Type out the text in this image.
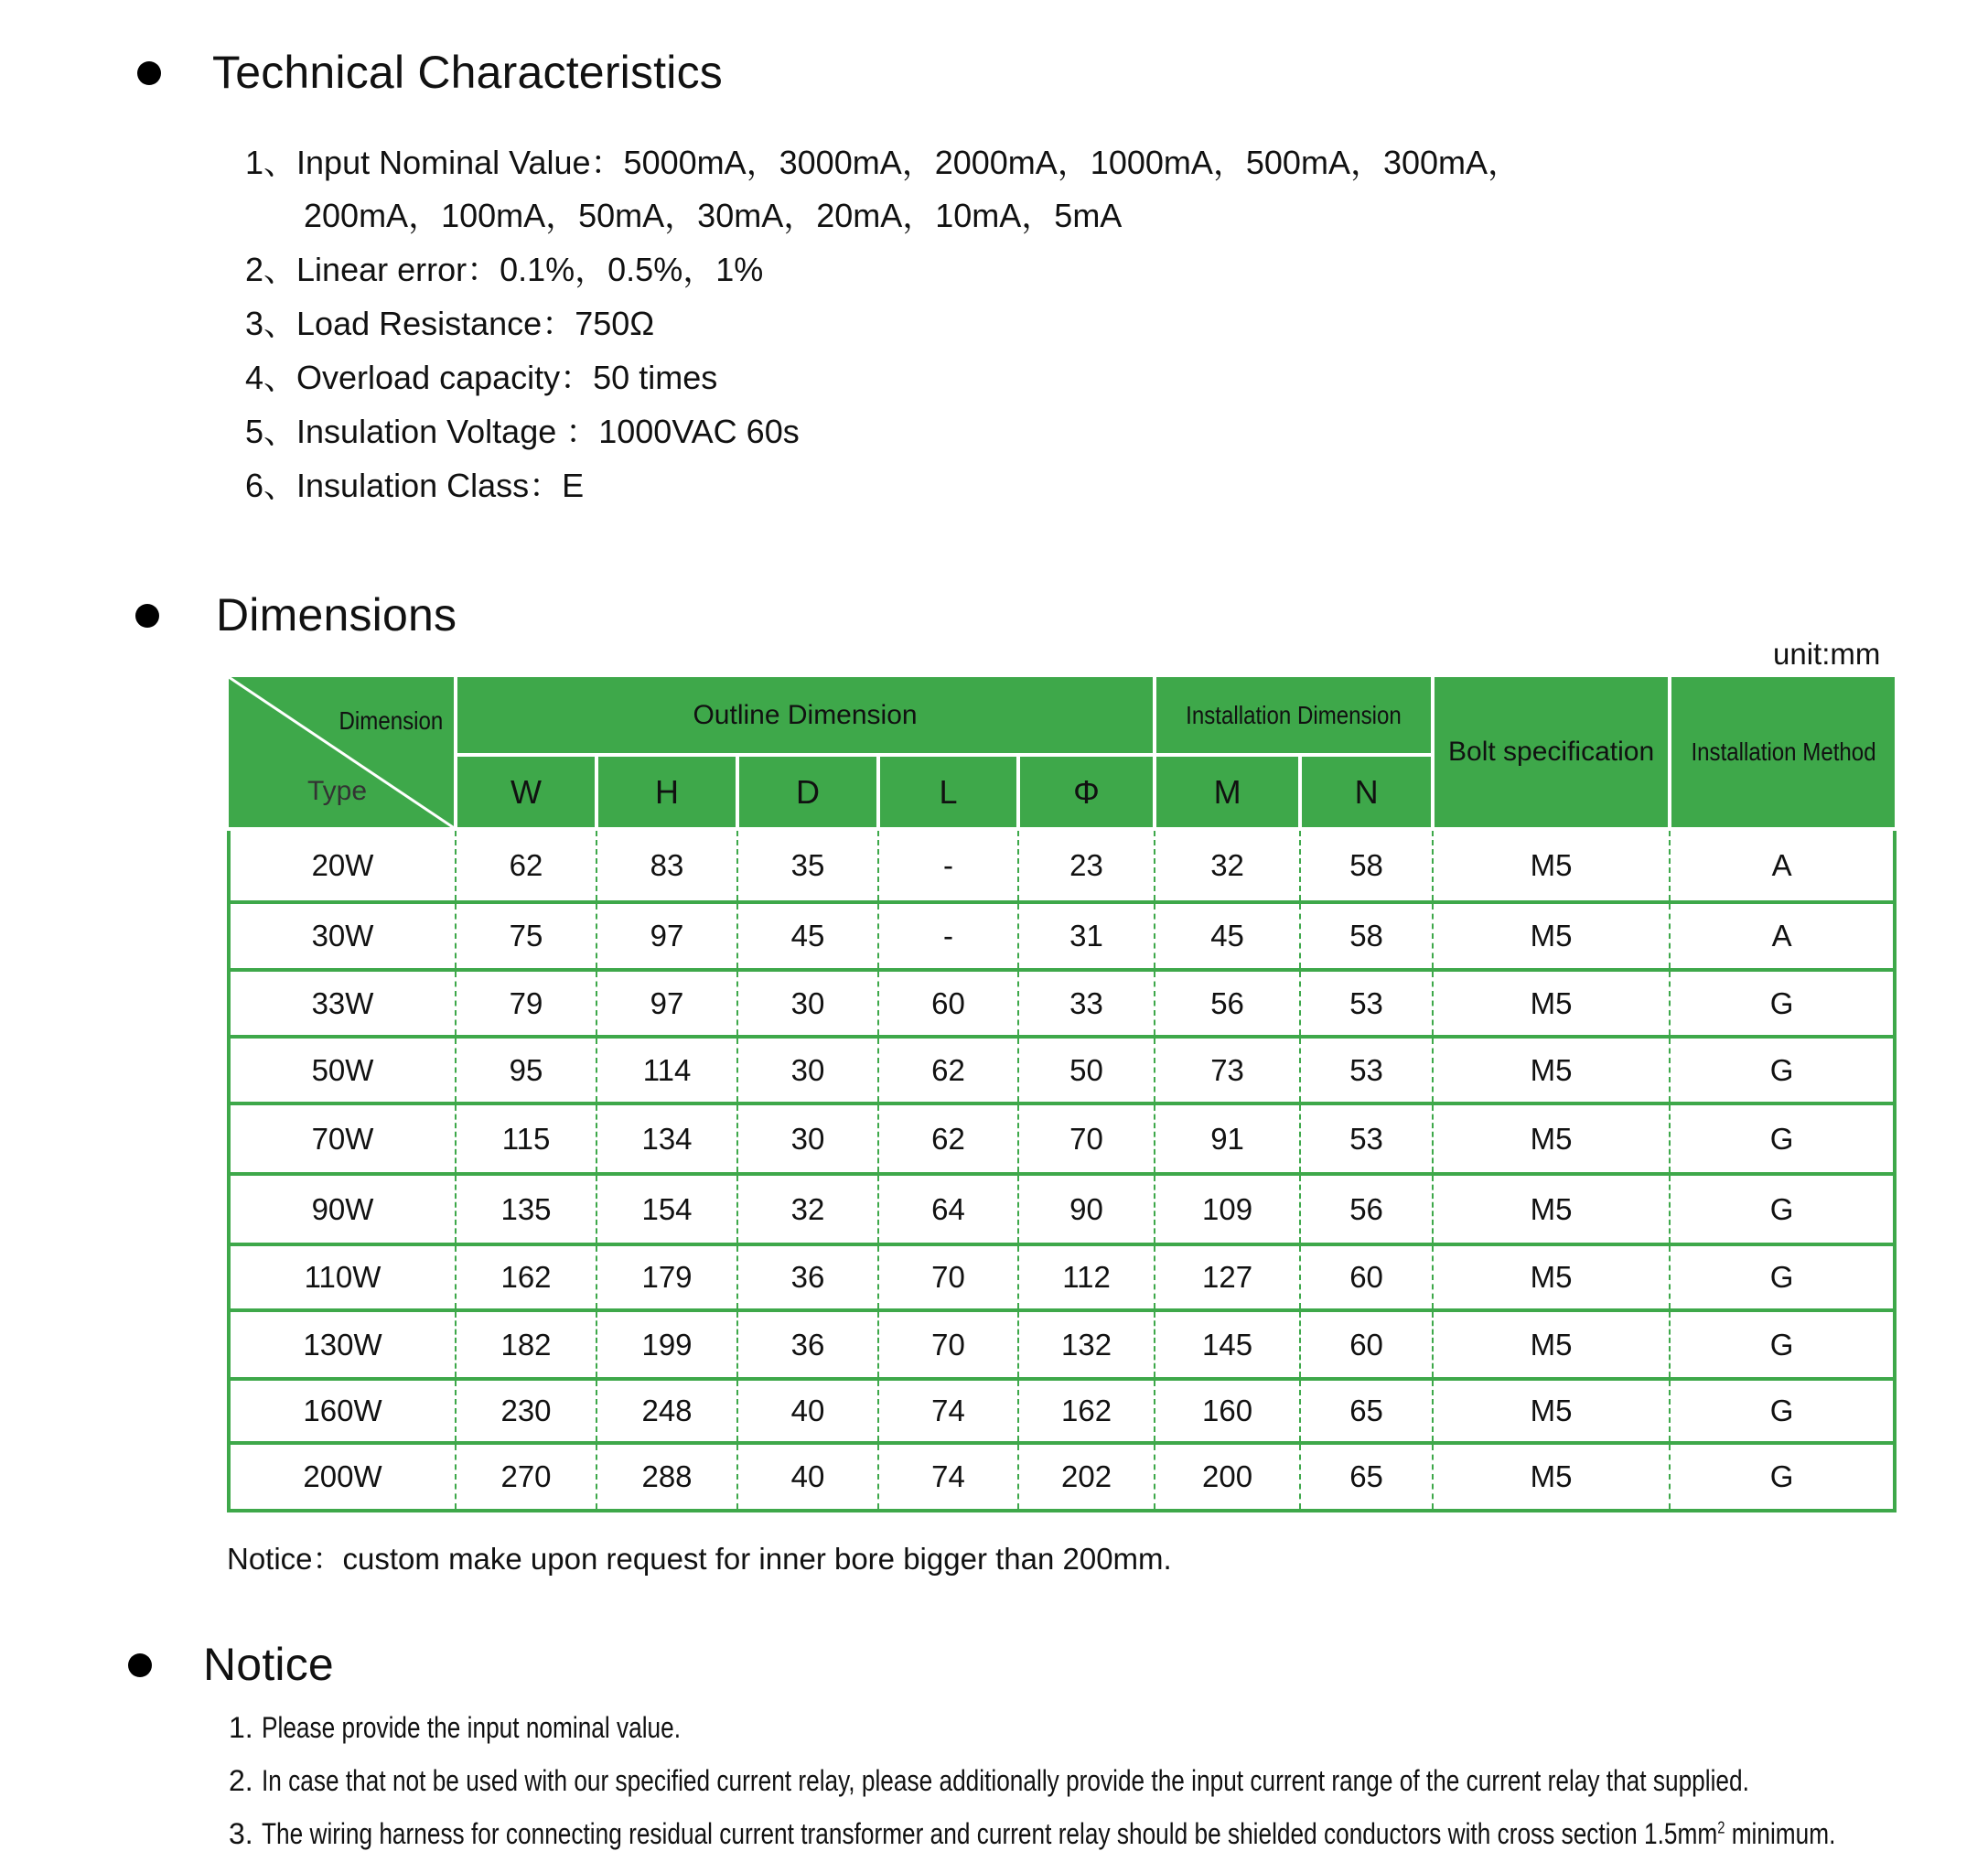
Technical Characteristics
1、Input Nominal Value：5000mA，3000mA，2000mA，1000mA，500mA，300mA，
200mA，100mA，50mA，30mA，20mA，10mA，5mA
2、Linear error：0.1%，0.5%，1%
3、Load Resistance：750Ω
4、Overload capacity：50 times
5、Insulation Voltage ：1000VAC 60s
6、Insulation Class：E
Dimensions
unit:mm
Dimension
Type	Outline Dimension					Installation Dimension		Bolt specification	Installation Method
	W	H	D	L	Φ	M	N		
20W	62	83	35	-	23	32	58	M5	A
30W	75	97	45	-	31	45	58	M5	A
33W	79	97	30	60	33	56	53	M5	G
50W	95	114	30	62	50	73	53	M5	G
70W	115	134	30	62	70	91	53	M5	G
90W	135	154	32	64	90	109	56	M5	G
110W	162	179	36	70	112	127	60	M5	G
130W	182	199	36	70	132	145	60	M5	G
160W	230	248	40	74	162	160	65	M5	G
200W	270	288	40	74	202	200	65	M5	G
Notice：custom make upon request for inner bore bigger than 200mm.
Notice
1. Please provide the input nominal value.
2. In case that not be used with our specified current relay, please additionally provide the input current range of the current relay that supplied.
3. The wiring harness for connecting residual current transformer and current relay should be shielded conductors with cross section $1.5mm^2$ minimum.
